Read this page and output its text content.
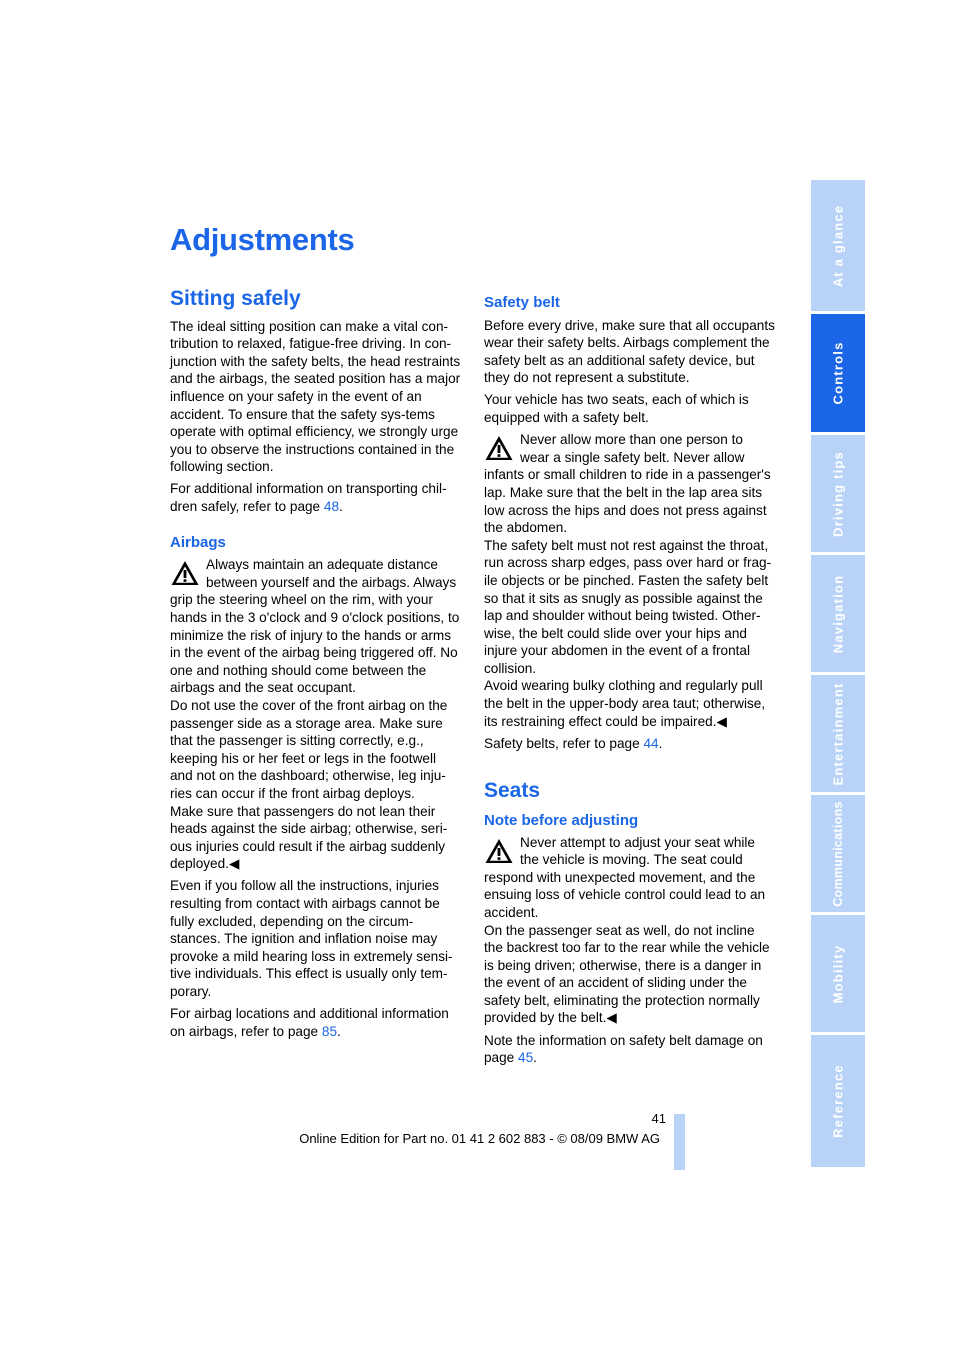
Adjustments
Sitting safely

The ideal sitting position can make a vital con-tribution to relaxed, fatigue-free driving. In con-junction with the safety belts, the head restraints and the airbags, the seated position has a major influence on your safety in the event of an accident. To ensure that the safety sys-tems operate with optimal efficiency, we strongly urge you to observe the instructions contained in the following section.

For additional information on transporting chil-dren safely, refer to page 48.

Airbags

Always maintain an adequate distance between yourself and the airbags. Always grip the steering wheel on the rim, with your hands in the 3 o'clock and 9 o'clock positions, to minimize the risk of injury to the hands or arms in the event of the airbag being triggered off. No one and nothing should come between the airbags and the seat occupant.

Do not use the cover of the front airbag on the passenger side as a storage area. Make sure that the passenger is sitting correctly, e.g., keeping his or her feet or legs in the footwell and not on the dashboard; otherwise, leg inju-ries can occur if the front airbag deploys.

Make sure that passengers do not lean their heads against the side airbag; otherwise, seri-ous injuries could result if the airbag suddenly deployed.◀

Even if you follow all the instructions, injuries resulting from contact with airbags cannot be fully excluded, depending on the circum-stances. The ignition and inflation noise may provoke a mild hearing loss in extremely sensi-tive individuals. This effect is usually only tem-porary.

For airbag locations and additional information on airbags, refer to page 85.

Safety belt

Before every drive, make sure that all occupants wear their safety belts. Airbags complement the safety belt as an additional safety device, but they do not represent a substitute.

Your vehicle has two seats, each of which is equipped with a safety belt.

Never allow more than one person to wear a single safety belt. Never allow infants or small children to ride in a passenger's lap. Make sure that the belt in the lap area sits low across the hips and does not press against the abdomen.

The safety belt must not rest against the throat, run across sharp edges, pass over hard or frag-ile objects or be pinched. Fasten the safety belt so that it sits as snugly as possible against the lap and shoulder without being twisted. Other-wise, the belt could slide over your hips and injure your abdomen in the event of a frontal collision.

Avoid wearing bulky clothing and regularly pull the belt in the upper-body area taut; otherwise, its restraining effect could be impaired.◀

Safety belts, refer to page 44.

Seats
Note before adjusting

Never attempt to adjust your seat while the vehicle is moving. The seat could respond with unexpected movement, and the ensuing loss of vehicle control could lead to an accident.

On the passenger seat as well, do not incline the backrest too far to the rear while the vehicle is being driven; otherwise, there is a danger in the event of an accident of sliding under the safety belt, eliminating the protection normally provided by the belt.◀

Note the information on safety belt damage on page 45.

At a glance
Controls
Driving tips
Navigation
Entertainment
Communications
Mobility
Reference
41
Online Edition for Part no. 01 41 2 602 883 - © 08/09 BMW AG
